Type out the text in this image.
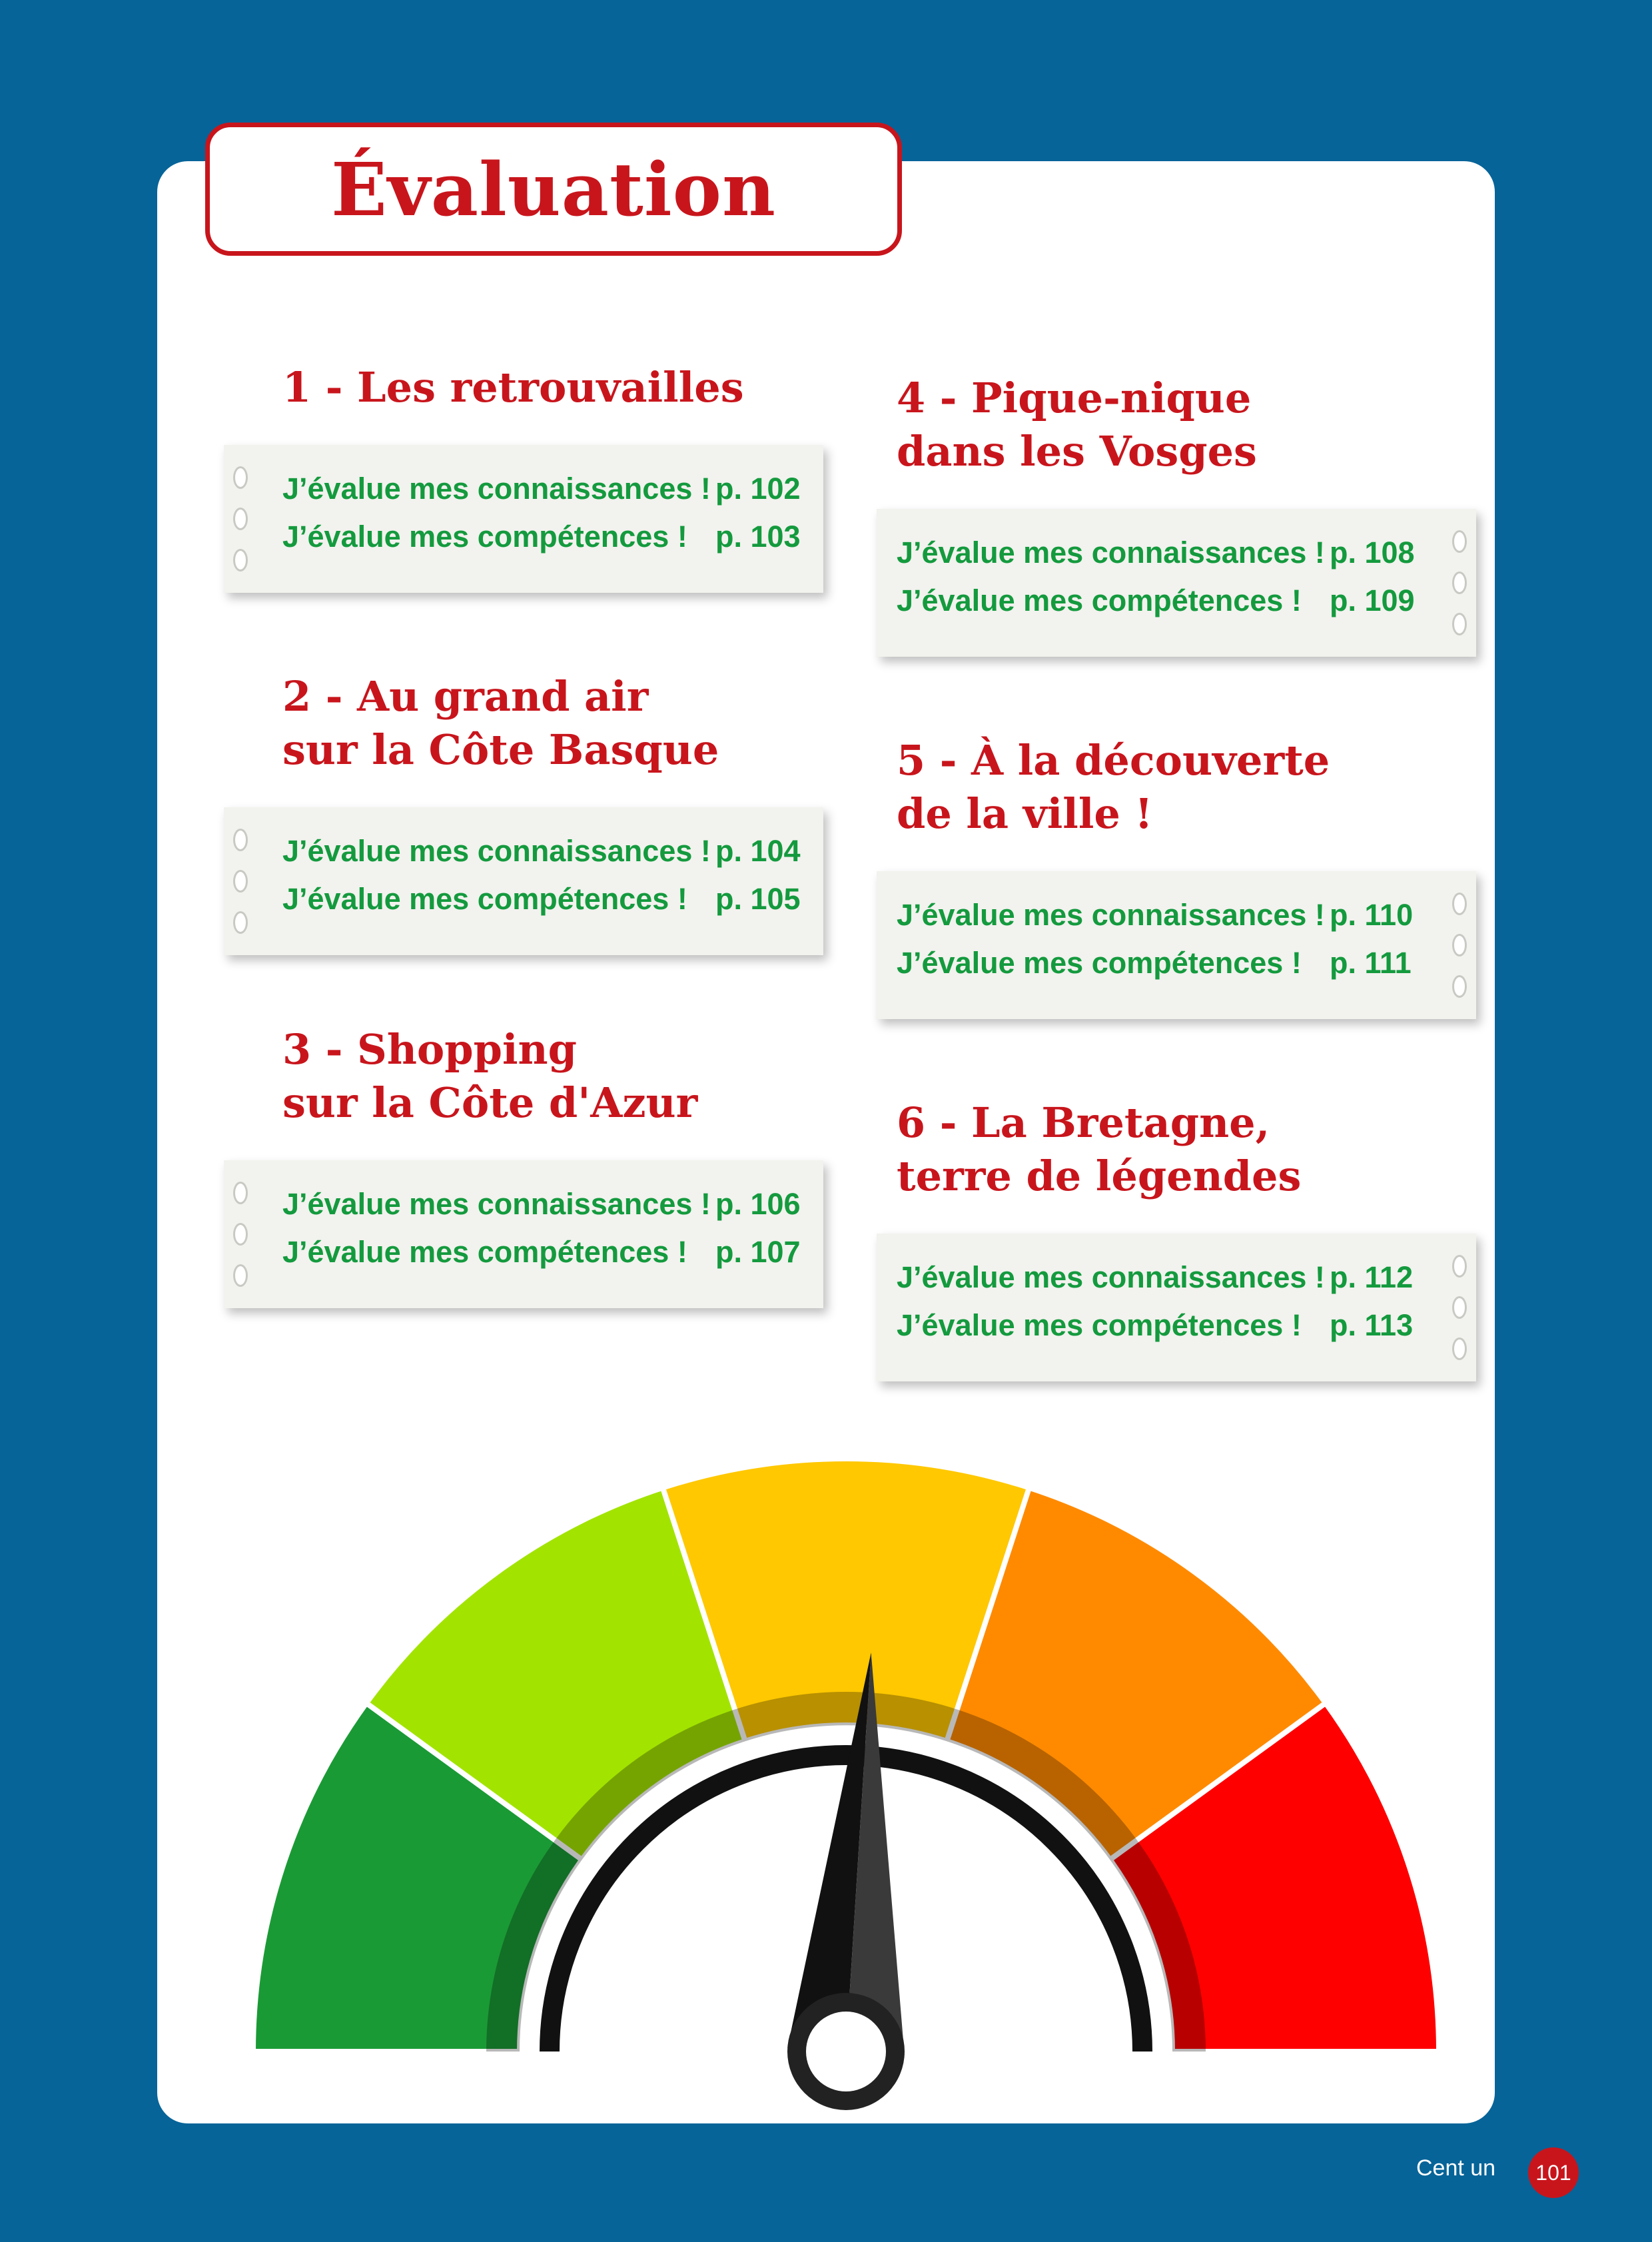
Évaluation
1 - Les retrouvailles
J’évalue mes connaissances ! p. 102
J’évalue mes compétences ! p. 103
2 - Au grand air
sur la Côte Basque
J’évalue mes connaissances ! p. 104
J’évalue mes compétences ! p. 105
3 - Shopping
sur la Côte d'Azur
J’évalue mes connaissances ! p. 106
J’évalue mes compétences ! p. 107
4 - Pique-nique
dans les Vosges
J’évalue mes connaissances ! p. 108
J’évalue mes compétences ! p. 109
5 - À la découverte
de la ville !
J’évalue mes connaissances ! p. 110
J’évalue mes compétences ! p. 111
6 - La Bretagne,
terre de légendes
J’évalue mes connaissances ! p. 112
J’évalue mes compétences ! p. 113
Cent un 101
